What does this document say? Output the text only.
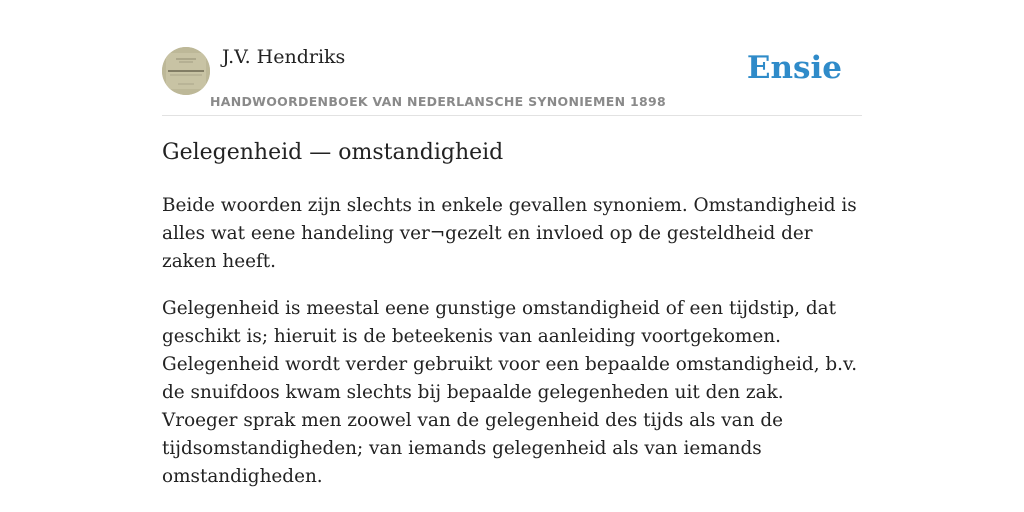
J.V. Hendriks
HANDWOORDENBOEK VAN NEDERLANSCHE SYNONIEMEN 1898
Ensie
Gelegenheid — omstandigheid

Beide woorden zijn slechts in enkele gevallen synoniem. Omstandigheid is alles wat eene handeling ver¬gezelt en invloed op de gesteldheid der zaken heeft.

Gelegenheid is meestal eene gunstige omstandigheid of een tijdstip, dat geschikt is; hieruit is de beteekenis van aanleiding voortgekomen. Gelegenheid wordt verder gebruikt voor een bepaalde omstandigheid, b.v. de snuifdoos kwam slechts bij bepaalde gelegenheden uit den zak. Vroeger sprak men zoowel van de gelegenheid des tijds als van de tijdsomstandigheden; van iemands gelegenheid als van iemands omstandigheden.
